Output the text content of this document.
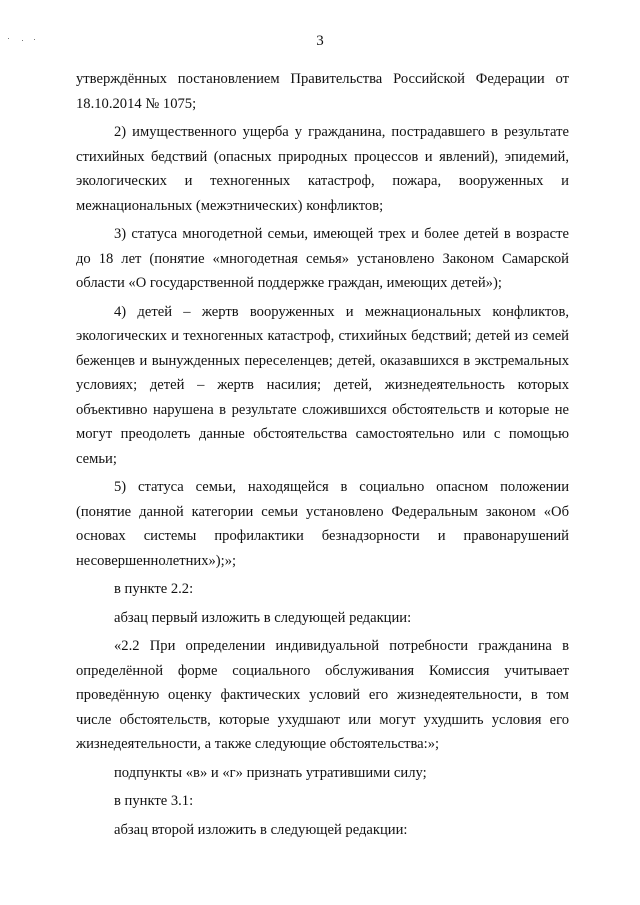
3

утверждённых постановлением Правительства Российской Федерации от 18.10.2014 № 1075;

2) имущественного ущерба у гражданина, пострадавшего в результате стихийных бедствий (опасных природных процессов и явлений), эпидемий, экологических и техногенных катастроф, пожара, вооруженных и межнациональных (межэтнических) конфликтов;

3) статуса многодетной семьи, имеющей трех и более детей в возрасте до 18 лет (понятие «многодетная семья» установлено Законом Самарской области «О государственной поддержке граждан, имеющих детей»);

4) детей – жертв вооруженных и межнациональных конфликтов, экологических и техногенных катастроф, стихийных бедствий; детей из семей беженцев и вынужденных переселенцев; детей, оказавшихся в экстремальных условиях; детей – жертв насилия; детей, жизнедеятельность которых объективно нарушена в результате сложившихся обстоятельств и которые не могут преодолеть данные обстоятельства самостоятельно или с помощью семьи;

5) статуса семьи, находящейся в социально опасном положении (понятие данной категории семьи установлено Федеральным законом «Об основах системы профилактики безнадзорности и правонарушений несовершеннолетних»);»;

в пункте 2.2:

абзац первый изложить в следующей редакции:

«2.2 При определении индивидуальной потребности гражданина в определённой форме социального обслуживания Комиссия учитывает проведённую оценку фактических условий его жизнедеятельности, в том числе обстоятельств, которые ухудшают или могут ухудшить условия его жизнедеятельности, а также следующие обстоятельства:»;

подпункты «в» и «г» признать утратившими силу;

в пункте 3.1:

абзац второй изложить в следующей редакции:
